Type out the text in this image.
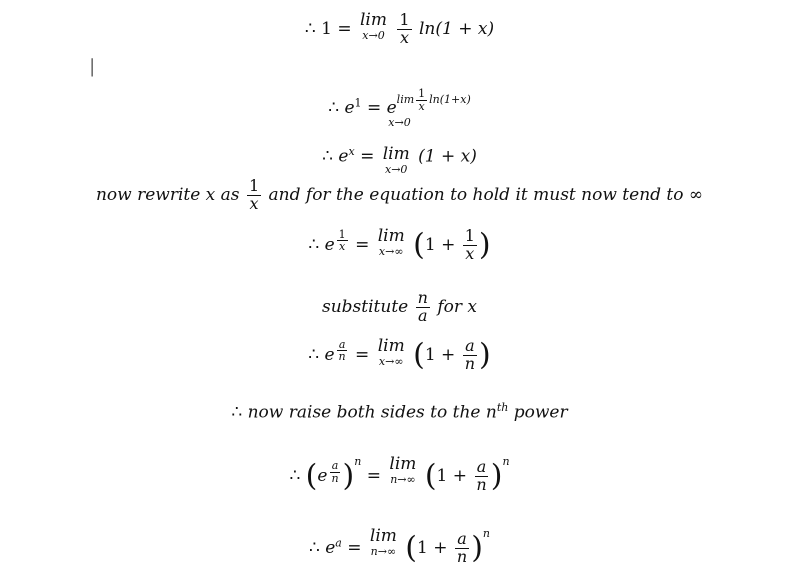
|
∴ 1 = lim
x→0
$\frac{1}{x} \ln(1 + x)$
∴ $e^1 = e^{lim \frac{1}{x} ln(1+x) x\to 0}$
∴ $e^x = \lim$
x→0
(1 + x)
now rewrite x as $\frac{1}{x}$ and for the equation to hold it must now tend to ∞
∴ e $^{\frac{1}{x}}$ = lim
x→∞ ($1 + \frac{1}{x}$ )
substitute $\frac{n}{a}$ for x
∴ e $^{\frac{a}{n}}$ = lim
x→∞ ($1 + \frac{a}{n}$ )
∴ now raise both sides to the $n^{th}$ power
∴ (e $^{\frac{a}{n}}$ )$^n$ =
lim
n→∞ $(1 + \frac{a}{n} )^n$
∴ $e^a$ =
lim
n→∞ $(1 + \frac{a}{n} )^n$
